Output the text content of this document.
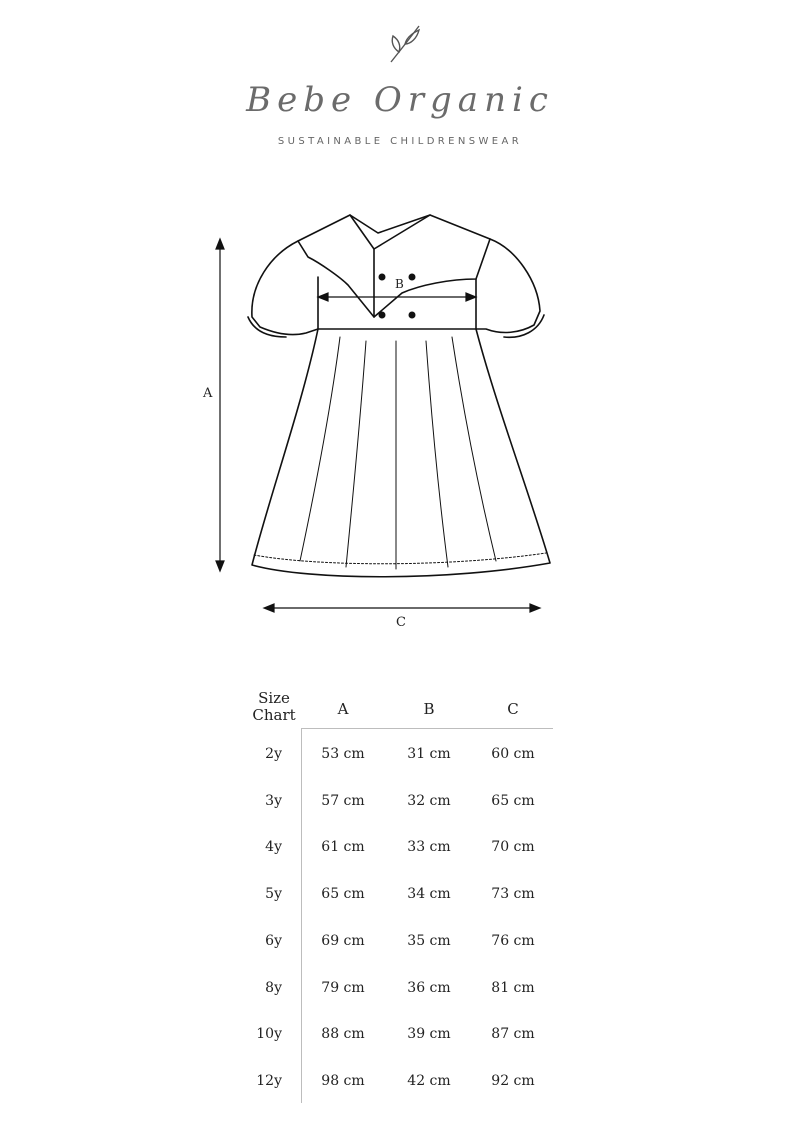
Bebe Organic
SUSTAINABLE CHILDRENSWEAR
A
B
C
Size Chart	A	B	C
2y	53 cm	31 cm	60 cm
3y	57 cm	32 cm	65 cm
4y	61 cm	33 cm	70 cm
5y	65 cm	34 cm	73 cm
6y	69 cm	35 cm	76 cm
8y	79 cm	36 cm	81 cm
10y	88 cm	39 cm	87 cm
12y	98 cm	42 cm	92 cm
